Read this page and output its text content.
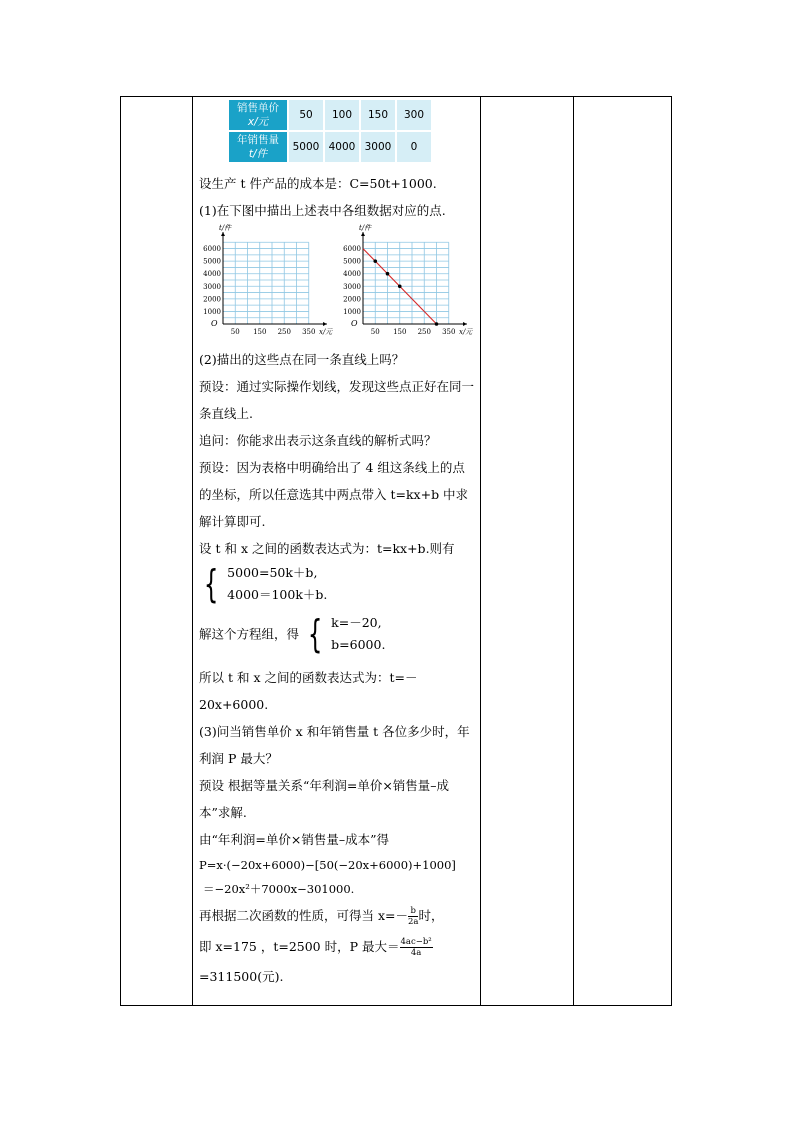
销售单价
x/元	50	100	150	300
年销售量
t/件	5000	4000	3000	0

设生产 t 件产品的成本是：C=50t+1000.

(1)在下图中描出上述表中各组数据对应的点.

t/件
x/元
O
50 150 250 350
1000
2000
3000
4000
5000
6000
t/件
x/元
O
50 150 250 350
1000
2000
3000
4000
5000
6000

(2)描出的这些点在同一条直线上吗？

预设：通过实际操作划线，发现这些点正好在同一条直线上.

追问：你能求出表示这条直线的解析式吗？

预设：因为表格中明确给出了 4 组这条线上的点的坐标，所以任意选其中两点带入 t=kx+b 中求解计算即可.

设 t 和 x 之间的函数表达式为：t=kx+b.则有

{ 5000=50k＋b,
4000＝100k＋b.
解这个方程组，得 { k=－20,
b=6000.

所以 t 和 x 之间的函数表达式为：t=－20x+6000.

(3)问当销售单价 x 和年销售量 t 各位多少时，年利润 P 最大？

预设 根据等量关系“年利润=单价×销售量–成本”求解.

由“年利润=单价×销售量–成本”得

P=x·(−20x+6000)−[50(−20x+6000)+1000]

＝−20x²＋7000x−301000.

再根据二次函数的性质，可得当 $x=- \frac{b}{2a}$ 时，

即 x=175 ，t=2500 时，P 最大＝ $\frac{\text{4ac−b²}}{4a}$

=311500(元).
